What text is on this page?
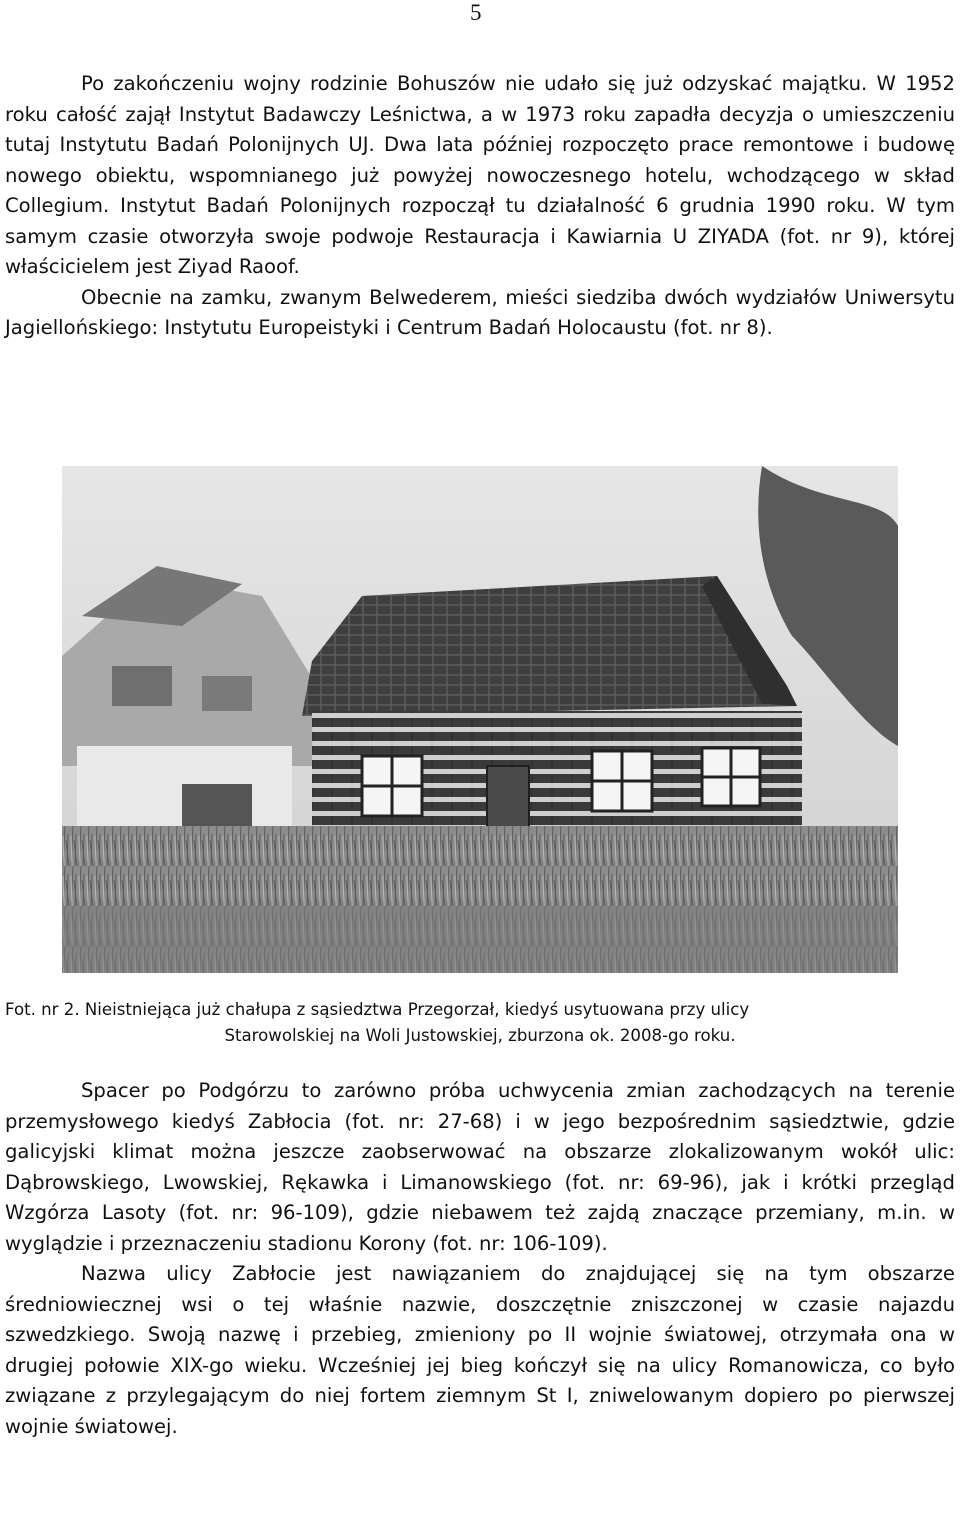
5

Po zakończeniu wojny rodzinie Bohuszów nie udało się już odzyskać majątku. W 1952 roku całość zajął Instytut Badawczy Leśnictwa, a w 1973 roku zapadła decyzja o umieszczeniu tutaj Instytutu Badań Polonijnych UJ. Dwa lata później rozpoczęto prace remontowe i budowę nowego obiektu, wspomnianego już powyżej nowoczesnego hotelu, wchodzącego w skład Collegium. Instytut Badań Polonijnych rozpoczął tu działalność 6 grudnia 1990 roku. W tym samym czasie otworzyła swoje podwoje Restauracja i Kawiarnia U ZIYADA (fot. nr 9), której właścicielem jest Ziyad Raoof.

Obecnie na zamku, zwanym Belwederem, mieści siedziba dwóch wydziałów Uniwersytu Jagiellońskiego: Instytutu Europeistyki i Centrum Badań Holocaustu (fot. nr 8).

Fot. nr 2. Nieistniejąca już chałupa z sąsiedztwa Przegorzał, kiedyś usytuowana przy ulicy
Starowolskiej na Woli Justowskiej, zburzona ok. 2008-go roku.

Spacer po Podgórzu to zarówno próba uchwycenia zmian zachodzących na terenie przemysłowego kiedyś Zabłocia (fot. nr: 27-68) i w jego bezpośrednim sąsiedztwie, gdzie galicyjski klimat można jeszcze zaobserwować na obszarze zlokalizowanym wokół ulic: Dąbrowskiego, Lwowskiej, Rękawka i Limanowskiego (fot. nr: 69-96), jak i krótki przegląd Wzgórza Lasoty (fot. nr: 96-109), gdzie niebawem też zajdą znaczące przemiany, m.in. w wyglądzie i przeznaczeniu stadionu Korony (fot. nr: 106-109).

Nazwa ulicy Zabłocie jest nawiązaniem do znajdującej się na tym obszarze średniowiecznej wsi o tej właśnie nazwie, doszczętnie zniszczonej w czasie najazdu szwedzkiego. Swoją nazwę i przebieg, zmieniony po II wojnie światowej, otrzymała ona w drugiej połowie XIX-go wieku. Wcześniej jej bieg kończył się na ulicy Romanowicza, co było związane z przylegającym do niej fortem ziemnym St I, zniwelowanym dopiero po pierwszej wojnie światowej.
